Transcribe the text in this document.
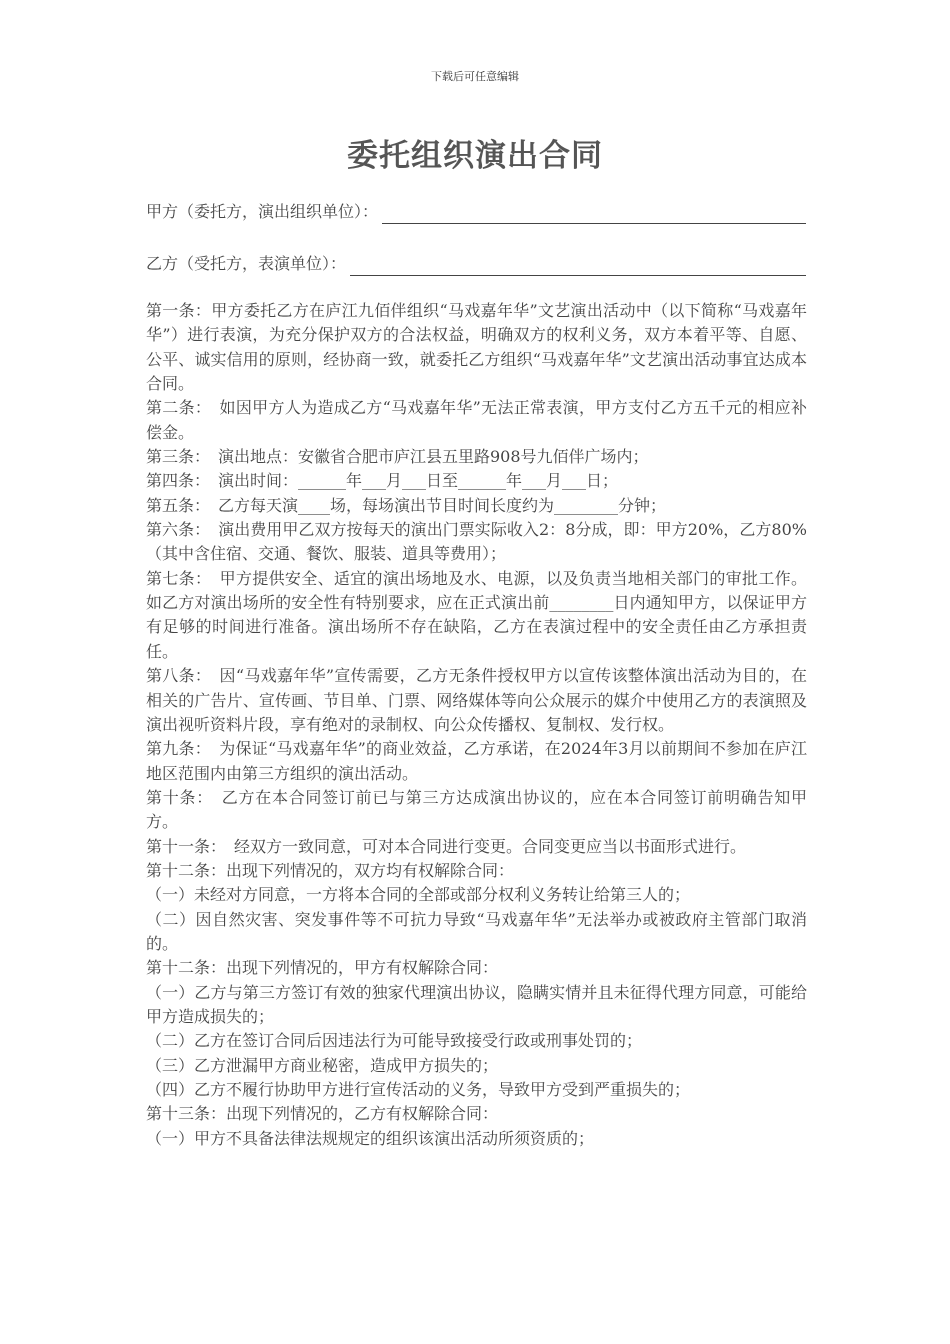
下载后可任意编辑
委托组织演出合同
甲方（委托方，演出组织单位）：
乙方（受托方，表演单位）：

第一条：甲方委托乙方在庐江九佰伴组织“马戏嘉年华”文艺演出活动中（以下简称“马戏嘉年华”）进行表演，为充分保护双方的合法权益，明确双方的权利义务，双方本着平等、自愿、公平、诚实信用的原则，经协商一致，就委托乙方组织“马戏嘉年华”文艺演出活动事宜达成本合同。

第二条：　如因甲方人为造成乙方“马戏嘉年华”无法正常表演，甲方支付乙方五千元的相应补偿金。

第三条：　演出地点：安徽省合肥市庐江县五里路908号九佰伴广场内；

第四条：　演出时间：______年___月___日至______年___月___日；

第五条：　乙方每天演____场，每场演出节目时间长度约为________分钟；

第六条：　演出费用甲乙双方按每天的演出门票实际收入2：8分成，即：甲方20%，乙方80%（其中含住宿、交通、餐饮、服装、道具等费用）；

第七条：　甲方提供安全、适宜的演出场地及水、电源，以及负责当地相关部门的审批工作。如乙方对演出场所的安全性有特别要求，应在正式演出前________日内通知甲方，以保证甲方有足够的时间进行准备。演出场所不存在缺陷，乙方在表演过程中的安全责任由乙方承担责任。

第八条：　因“马戏嘉年华”宣传需要，乙方无条件授权甲方以宣传该整体演出活动为目的，在相关的广告片、宣传画、节目单、门票、网络媒体等向公众展示的媒介中使用乙方的表演照及演出视听资料片段，享有绝对的录制权、向公众传播权、复制权、发行权。

第九条：　为保证“马戏嘉年华”的商业效益，乙方承诺，在2024年3月以前期间不参加在庐江地区范围内由第三方组织的演出活动。

第十条：　乙方在本合同签订前已与第三方达成演出协议的，应在本合同签订前明确告知甲方。

第十一条：　经双方一致同意，可对本合同进行变更。合同变更应当以书面形式进行。

第十二条：出现下列情况的，双方均有权解除合同：

（一）未经对方同意，一方将本合同的全部或部分权利义务转让给第三人的；

（二）因自然灾害、突发事件等不可抗力导致“马戏嘉年华”无法举办或被政府主管部门取消的。

第十二条：出现下列情况的，甲方有权解除合同：

（一）乙方与第三方签订有效的独家代理演出协议，隐瞒实情并且未征得代理方同意，可能给甲方造成损失的；

（二）乙方在签订合同后因违法行为可能导致接受行政或刑事处罚的；

（三）乙方泄漏甲方商业秘密，造成甲方损失的；

（四）乙方不履行协助甲方进行宣传活动的义务，导致甲方受到严重损失的；

第十三条：出现下列情况的，乙方有权解除合同：

（一）甲方不具备法律法规规定的组织该演出活动所须资质的；
